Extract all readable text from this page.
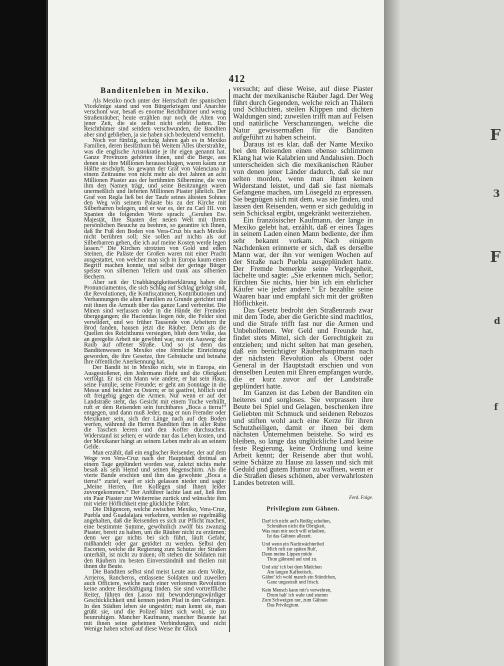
F
3
F
d
f
412
Banditenleben in Mexiko.

Als Mexiko noch unter der Herrschaft der spanischen Vicekönige stand und von Bürgerkriegen und Anarchie verschont war, besaß es enorme Reichthümer und wenig Straßenräuber; heute erzählen nur noch die Alten von jener Zeit, die sie selbst nicht erlebt hatten. Die Reichthümer sind seitdem verschwunden, die Banditen aber sind geblieben, ja sie haben sich bedeutend vermehrt.

Noch vor fünfzig, sechzig Jahren gab es in Mexiko Familien, deren Besitzthum bei Weitem Alles überstrahlte, was die englische Aristokratie je ihr eigen genannt hat. Ganze Provinzen gehörten ihnen, und die Berge, aus denen sie ihre Millionen herausschlugen, waren kaum zur Hälfte erschöpft. So gewann der Graf von Valenciana in einem Zeitraume von nicht mehr als drei Jahren an acht Millionen Piaster aus der berühmten Silbermine, die von ihm den Namen trägt, und seine Besitzungen waren unermeßlich und lieferten Millionen Piaster jährlich. Der Graf von Regla ließ bei der Taufe seines ältesten Sohnes den Weg von seinem Palaste bis zu der Kirche mit Silberbarren belegen, und er war es, der zu Carl III. von Spanien die folgenden Worte sprach: „Geruhen Ew. Majestät, Ihre Staaten der neuen Welt mit Ihrem persönlichen Besuche zu beehren, so garantire ich Ihnen, daß Ihr Fuß den Boden von Vera-Cruz bis nach Mexiko nicht berühren soll; Sie sollen auf nichts als auf Silberbarren gehen, die ich auf meine Kosten werde legen lassen.“ Die Kirchen strotzten von Gold und edlen Steinen, die Paläste der Großen waren mit einer Pracht ausgestattet, von welcher man sich in Europa kaum einen Begriff machen konnte, und selbst der geringe Bürger speiste von silbernen Tellern und trank aus silbernen Bechern.

Aber seit der Unabhängigkeitserklärung haben die Pronunciamentos, die sich Schlag auf Schlag gefolgt sind, die Revolutionen, die Konfiscationen, Kontributionen und Verbannungen die alten Familien zu Grunde gerichtet und mit ihnen die Armuth über das ganze Land verbreitet. Die Minen sind verlassen oder in die Hände der Fremden übergegangen; die Haciendas liegen öde, die Felder sind verwildert, und wo früher Tausende von Arbeitern ihr Brod fanden, hausen jetzt die Räuber. Denn als die Quellen des Reichthums versiegten, blieb dem Volke, das an geregelte Arbeit nie gewöhnt war, nur ein Ausweg: der Raub auf offener Straße. Und so ist denn das Banditenwesen in Mexiko eine förmliche Einrichtung geworden, die ihre Gesetze, ihre Gebräuche und beinahe ihre öffentliche Anerkennung hat.

Der Bandit ist in Mexiko nicht, wie in Europa, ein Ausgestoßener, den Jedermann flieht und die Obrigkeit verfolgt. Er ist ein Mann wie andere, er hat sein Haus, seine Familie, seine Freunde; er geht am Sonntage in die Messe und beichtet zu Ostern; er ist gastfrei, höflich und oft freigebig gegen die Armen. Nur wenn er auf der Landstraße steht, das Gesicht mit einem Tuche verhüllt, ruft er dem Reisenden sein furchtbares „Boca a tierra!“ entgegen, und dann muß Jeder, mag er nun Fremder oder Mexikaner sein, sich der Länge nach auf den Boden werfen, während die Herren Banditen ihm in aller Ruhe die Taschen leeren und den Koffer durchsuchen. Widerstand ist selten; er würde nur das Leben kosten, und der Mexikaner hängt an seinem Leben mehr als an seinem Gelde.

Man erzählt, daß ein englischer Reisender, der auf dem Wege von Vera-Cruz nach der Hauptstadt dreimal an einem Tage geplündert worden war, zuletzt nichts mehr besaß als sein Hemd und seinen Regenschirm. Als die vierte Bande erschien und ihm das gewohnte „Boca a tierra!“ zurief, warf er sich gelassen nieder und sagte: „Meine Herren, Ihre Kollegen sind Ihnen leider zuvorgekommen.“ Der Anführer lachte laut auf, ließ ihm ein Paar Piaster zur Weiterreise zurück und wünschte ihm mit vieler Höflichkeit eine glückliche Fahrt.

Die Diligencen, welche zwischen Mexiko, Vera-Cruz, Puebla und Guadalajara verkehren, werden so regelmäßig angehalten, daß die Reisenden es sich zur Pflicht machen, eine bestimmte Summe, gewöhnlich zwölf bis zwanzig Piaster, bereit zu halten, um die Räuber nicht zu erzürnen; denn wer gar nichts bei sich führt, läuft Gefahr, mißhandelt oder gar getödtet zu werden. Selbst den Escorten, welche die Regierung zum Schutze der Straßen unterhält, ist nicht zu trauen; oft stehen die Soldaten mit den Räubern im besten Einverständniß und theilen mit ihnen die Beute.

Die Banditen selbst sind meist Leute aus dem Volke, Arrieros, Rancheros, entlassene Soldaten und zuweilen auch Officiere, welche nach einer verlorenen Revolution keine andere Beschäftigung finden. Sie sind vortreffliche Reiter, führen den Lasso mit bewunderungswürdiger Geschicklichkeit und kennen jeden Pfad in den Gebirgen. In den Städten leben sie ungestört; man kennt sie, man grüßt sie, und die Polizei hütet sich wohl, sie zu beunruhigen. Mancher Kaufmann, mancher Beamte hat mit ihnen seine geheimen Verbindungen, und nicht Wenige haben schon auf diese Weise ihr Glück

versucht; auf diese Weise, auf diese Piaster macht der mexikanische Räuber Jagd. Der Weg führt durch Gegenden, welche reich an Thälern und Schluchten, steilen Klippen und dichten Waldungen sind; zuweilen trifft man auf Felsen und natürliche Verschanzungen, welche die Natur gewissermaßen für die Banditen aufgeführt zu haben scheint.

Daraus ist es klar, daß der Name Mexiko bei den Reisenden einen ebenso schlimmen Klang hat wie Kalabrien und Andalusien. Doch unterscheiden sich die mexikanischen Räuber von denen jener Länder dadurch, daß sie nur selten morden, wenn man ihnen keinen Widerstand leistet, und daß sie fast niemals Gefangene machen, um Lösegeld zu erpressen. Sie begnügen sich mit dem, was sie finden, und lassen den Reisenden, wenn er sich geduldig in sein Schicksal ergibt, ungekränkt weiterziehen.

Ein französischer Kaufmann, der lange in Mexiko gelebt hat, erzählt, daß er eines Tages in seinem Laden einen Mann bediente, der ihm sehr bekannt vorkam. Nach einigem Nachdenken erinnerte er sich, daß es derselbe Mann war, der ihn vor wenigen Wochen auf der Straße nach Puebla ausgeplündert hatte. Der Fremde bemerkte seine Verlegenheit, lächelte und sagte: „Sie erkennen mich, Señor; fürchten Sie nichts, hier bin ich ein ehrlicher Käufer wie jeder andere.“ Er bezahlte seine Waaren baar und empfahl sich mit der größten Höflichkeit.

Das Gesetz bedroht den Straßenraub zwar mit dem Tode, aber die Gerichte sind machtlos, und die Strafe trifft fast nur die Armen und Unbeholfenen. Wer Geld und Freunde hat, findet stets Mittel, sich der Gerechtigkeit zu entziehen; und nicht selten hat man gesehen, daß ein berüchtigter Räuberhauptmann nach der nächsten Revolution als Oberst oder General in der Hauptstadt erschien und von denselben Leuten mit Ehren empfangen wurde, die er kurz zuvor auf der Landstraße geplündert hatte.

Im Ganzen ist das Leben der Banditen ein heiteres und sorgloses. Sie verprassen ihre Beute bei Spiel und Gelagen, beschenken ihre Geliebten mit Schmuck und seidenen Rebozos und stiften wohl auch eine Kerze für ihren Schutzheiligen, damit er ihnen bei dem nächsten Unternehmen beistehe. So wird es bleiben, so lange das unglückliche Land keine feste Regierung, keine Ordnung und keine Arbeit kennt; der Reisende aber thut wohl, seine Schätze zu Hause zu lassen und sich mit Geduld und gutem Humor zu waffnen, wenn er die Straßen dieses schönen, aber verwahrlosten Landes betreten will.

Ferd. Folge.
Privilegium zum Gähnen.
Darf ich nicht auf's Reißig schelten,
Schmähen nicht die Obrigkeit,
Was man mir noch will erlauben,
Ist das Gähnen allezeit.
Und wenn ein Nachtwächterlied
Mich ruft zur späten Ruh',
Dann meine Lippen müde
Thun gähnend auf und zu.
Und sitz' ich bei dem Mädchen
Am langen Kaffeetisch,
Gähnt' ich wohl manch ein Stündchen,
Ganz ungestraft und frisch.
Kein Mensch kann mir's verwehren,
Drum hab' ich wahr und stumm
Zum Schweigen nur, zum Gähnen
Das Privilegium.
